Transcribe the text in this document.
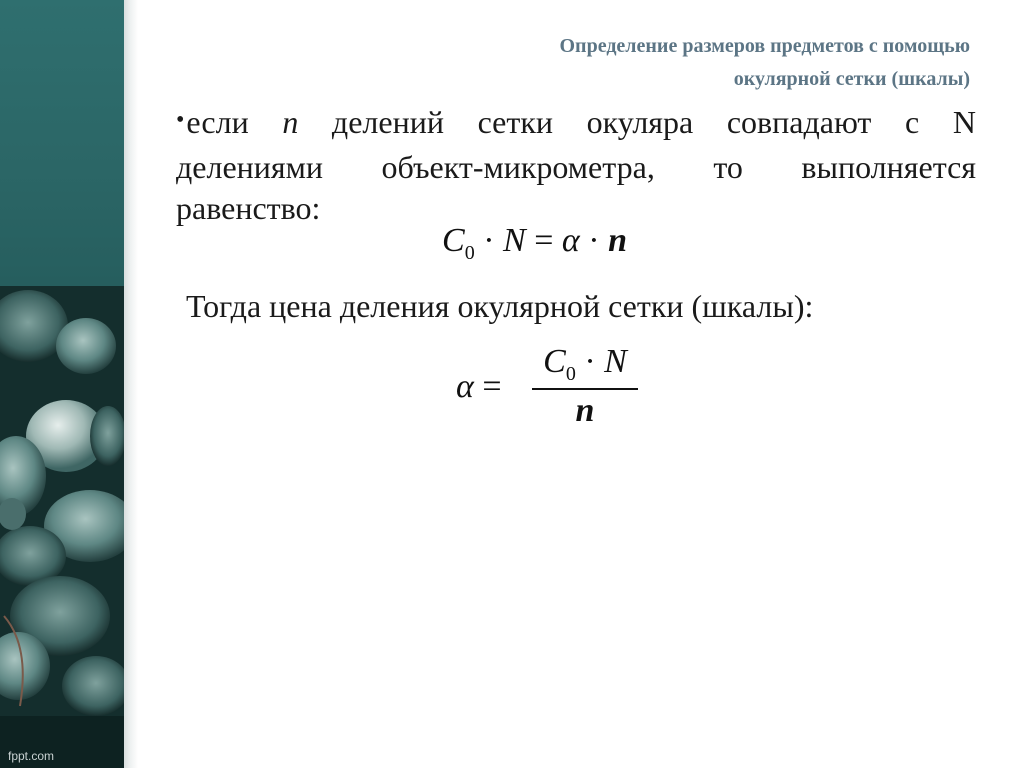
fppt.com
Определение размеров предметов с помощью
окулярной сетки (шкалы)
•если n делений сетки окуляра совпадают с N
делениями объект-микрометра, то выполняется
равенство:
$C_0 \cdot N = \alpha \cdot n$
Тогда цена деления окулярной сетки (шкалы):
α =
$C_0 \cdot N$
n
